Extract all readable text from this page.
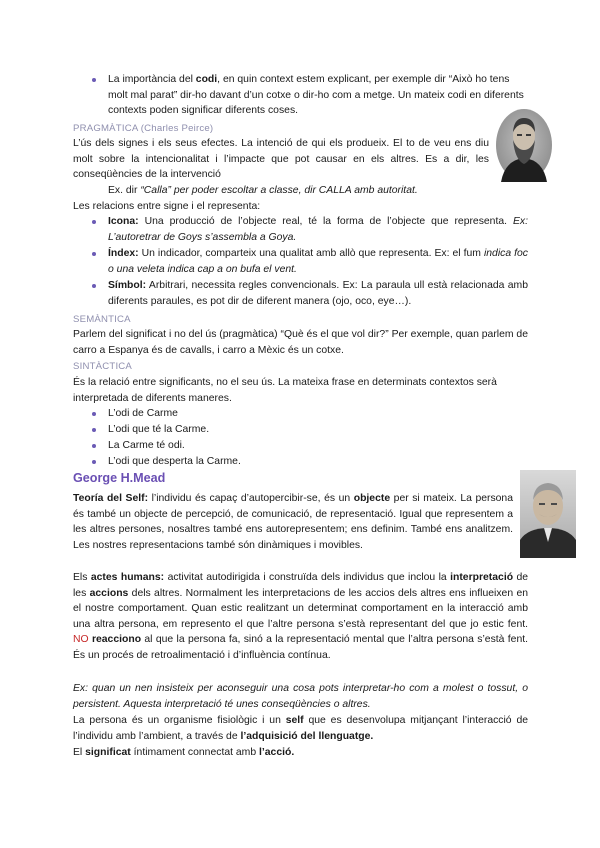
La importància del codi, en quin context estem explicant, per exemple dir “Això ho tens molt mal parat” dir-ho davant d’un cotxe o dir-ho com a metge. Un mateix codi en diferents contexts poden significar diferents coses.

PRAGMÀTICA (Charles Peirce)

L’ús dels signes i els seus efectes. La intenció de qui els produeix. El to de veu ens diu molt sobre la intencionalitat i l’impacte que pot causar en els altres. Es a dir, les conseqüències de la intervenció

Ex. dir “Calla” per poder escoltar a classe, dir CALLA amb autoritat.

Les relacions entre signe i el representa:

Icona: Una producció de l’objecte real, té la forma de l’objecte que representa. Ex: L’autoretrar de Goys s’assembla a Goya.

Índex: Un indicador, comparteix una qualitat amb allò que representa. Ex: el fum indica foc o una veleta indica cap a on bufa el vent.

Símbol: Arbitrari, necessita regles convencionals. Ex: La paraula ull està relacionada amb diferents paraules, es pot dir de diferent manera (ojo, oco, eye…).

SEMÀNTICA

Parlem del significat i no del ús (pragmàtica) “Què és el que vol dir?” Per exemple, quan parlem de carro a Espanya és de cavalls, i carro a Mèxic és un cotxe.

SINTÀCTICA

És la relació entre significants, no el seu ús. La mateixa frase en determinats contextos serà interpretada de diferents maneres.

L’odi de Carme

L’odi que té la Carme.

La Carme té odi.

L’odi que desperta la Carme.

George H.Mead

Teoría del Self: l’individu és capaç d’autopercibir-se, és un objecte per si mateix. La persona és també un objecte de percepció, de comunicació, de representació. Igual que representem a les altres persones, nosaltres també ens autorepresentem; ens definim. També ens analitzem. Les nostres representacions també són dinàmiques i movibles.

Els actes humans: activitat autodirigida i construïda dels individus que inclou la interpretació de les accions dels altres. Normalment les interpretacions de les accios dels altres ens influeixen en el nostre comportament. Quan estic realitzant un determinat comportament en la interacció amb una altra persona, em represento el que l’altre persona s’està representant del que jo estic fent. NO reacciono al que la persona fa, sinó a la representació mental que l’altra persona s’està fent. És un procés de retroalimentació i d’influència contínua.

Ex: quan un nen insisteix per aconseguir una cosa pots interpretar-ho com a molest o tossut, o persistent. Aquesta interpretació té unes conseqüències o altres.

La persona és un organisme fisiològic i un self que es desenvolupa mitjançant l’interacció de l’individu amb l’ambient, a través de l’adquisició del llenguatge.

El significat íntimament connectat amb l’acció.
